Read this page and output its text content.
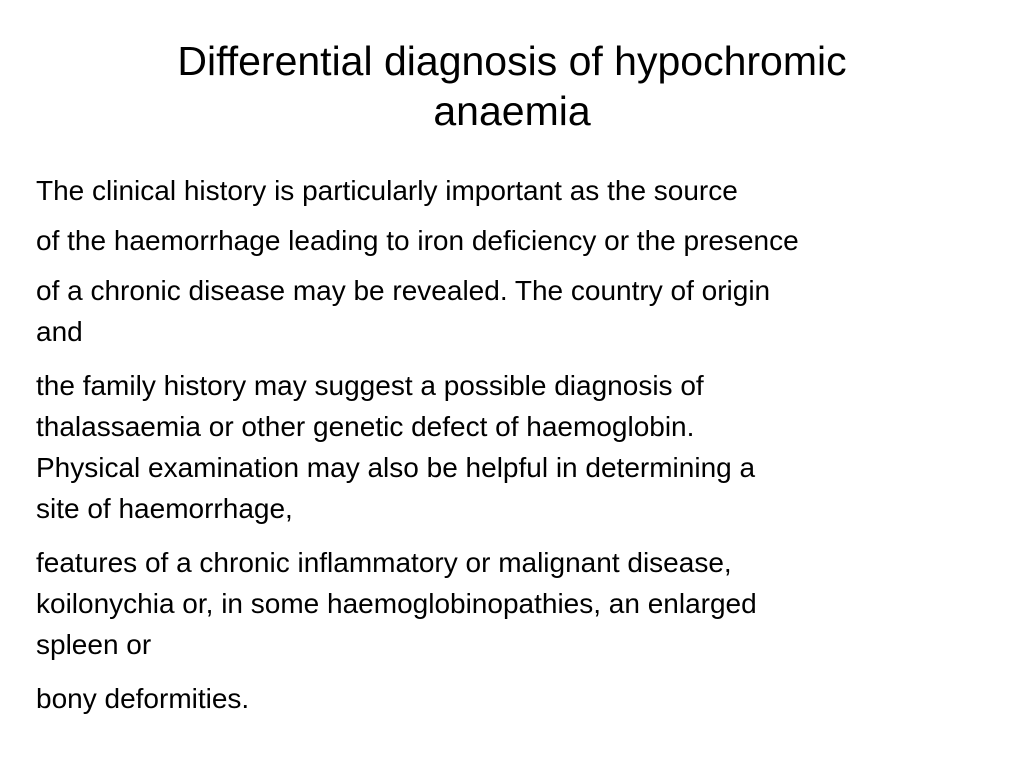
Differential diagnosis of hypochromic
anaemia
The clinical history is particularly important as the source
of the haemorrhage leading to iron deficiency or the presence
of a chronic disease may be revealed. The country of origin
and
the family history may suggest a possible diagnosis of
thalassaemia or other genetic defect of haemoglobin.
Physical examination may also be helpful in determining a
site of haemorrhage,
features of a chronic inflammatory or malignant disease,
koilonychia or, in some haemoglobinopathies, an enlarged
spleen or
bony deformities.
